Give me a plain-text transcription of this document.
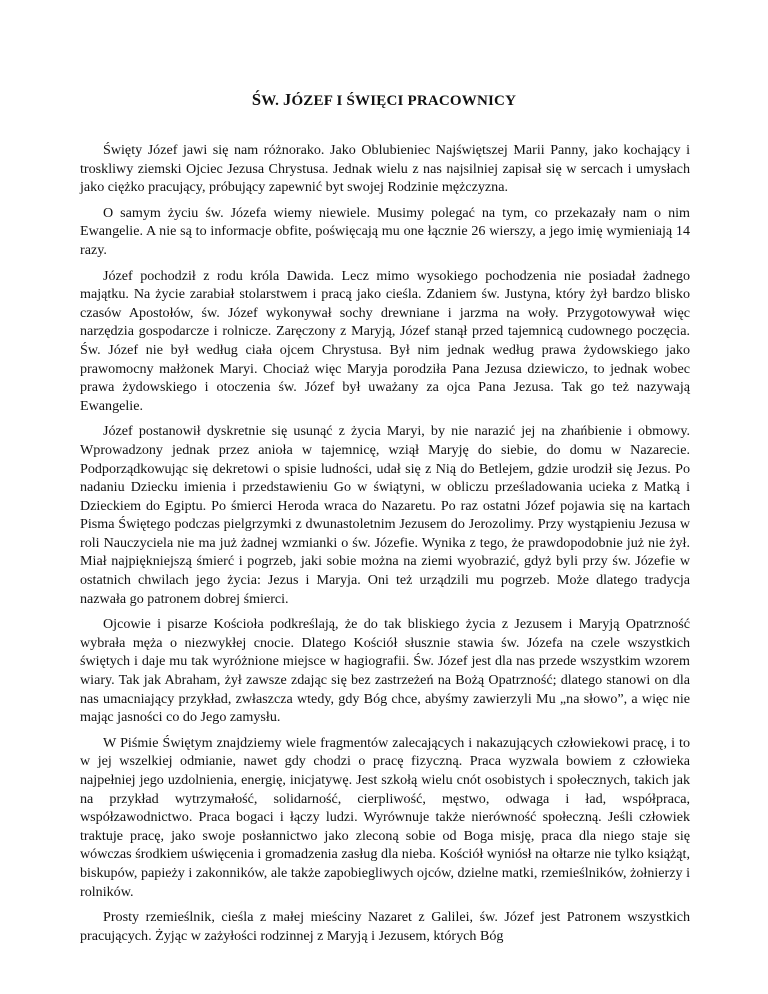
ŚW. JÓZEF I ŚWIĘCI PRACOWNICY

Święty Józef jawi się nam różnorako. Jako Oblubieniec Najświętszej Marii Panny, jako kochający i troskliwy ziemski Ojciec Jezusa Chrystusa. Jednak wielu z nas najsilniej zapisał się w sercach i umysłach jako ciężko pracujący, próbujący zapewnić byt swojej Rodzinie mężczyzna.

O samym życiu św. Józefa wiemy niewiele. Musimy polegać na tym, co przekazały nam o nim Ewangelie. A nie są to informacje obfite, poświęcają mu one łącznie 26 wierszy, a jego imię wymieniają 14 razy.

Józef pochodził z rodu króla Dawida. Lecz mimo wysokiego pochodzenia nie posiadał żadnego majątku. Na życie zarabiał stolarstwem i pracą jako cieśla. Zdaniem św. Justyna, który żył bardzo blisko czasów Apostołów, św. Józef wykonywał sochy drewniane i jarzma na woły. Przygotowywał więc narzędzia gospodarcze i rolnicze. Zaręczony z Maryją, Józef stanął przed tajemnicą cudownego poczęcia. Św. Józef nie był według ciała ojcem Chrystusa. Był nim jednak według prawa żydowskiego jako prawomocny małżonek Maryi. Chociaż więc Maryja porodziła Pana Jezusa dziewiczo, to jednak wobec prawa żydowskiego i otoczenia św. Józef był uważany za ojca Pana Jezusa. Tak go też nazywają Ewangelie.

Józef postanowił dyskretnie się usunąć z życia Maryi, by nie narazić jej na zhańbienie i obmowy. Wprowadzony jednak przez anioła w tajemnicę, wziął Maryję do siebie, do domu w Nazarecie. Podporządkowując się dekretowi o spisie ludności, udał się z Nią do Betlejem, gdzie urodził się Jezus. Po nadaniu Dziecku imienia i przedstawieniu Go w świątyni, w obliczu prześladowania ucieka z Matką i Dzieckiem do Egiptu. Po śmierci Heroda wraca do Nazaretu. Po raz ostatni Józef pojawia się na kartach Pisma Świętego podczas pielgrzymki z dwunastoletnim Jezusem do Jerozolimy. Przy wystąpieniu Jezusa w roli Nauczyciela nie ma już żadnej wzmianki o św. Józefie. Wynika z tego, że prawdopodobnie już nie żył. Miał najpiękniejszą śmierć i pogrzeb, jaki sobie można na ziemi wyobrazić, gdyż byli przy św. Józefie w ostatnich chwilach jego życia: Jezus i Maryja. Oni też urządzili mu pogrzeb. Może dlatego tradycja nazwała go patronem dobrej śmierci.

Ojcowie i pisarze Kościoła podkreślają, że do tak bliskiego życia z Jezusem i Maryją Opatrzność wybrała męża o niezwykłej cnocie. Dlatego Kościół słusznie stawia św. Józefa na czele wszystkich świętych i daje mu tak wyróżnione miejsce w hagiografii. Św. Józef jest dla nas przede wszystkim wzorem wiary. Tak jak Abraham, żył zawsze zdając się bez zastrzeżeń na Bożą Opatrzność; dlatego stanowi on dla nas umacniający przykład, zwłaszcza wtedy, gdy Bóg chce, abyśmy zawierzyli Mu „na słowo”, a więc nie mając jasności co do Jego zamysłu.

W Piśmie Świętym znajdziemy wiele fragmentów zalecających i nakazujących człowiekowi pracę, i to w jej wszelkiej odmianie, nawet gdy chodzi o pracę fizyczną. Praca wyzwala bowiem z człowieka najpełniej jego uzdolnienia, energię, inicjatywę. Jest szkołą wielu cnót osobistych i społecznych, takich jak na przykład wytrzymałość, solidarność, cierpliwość, męstwo, odwaga i ład, współpraca, współzawodnictwo. Praca bogaci i łączy ludzi. Wyrównuje także nierówność społeczną. Jeśli człowiek traktuje pracę, jako swoje posłannictwo jako zleconą sobie od Boga misję, praca dla niego staje się wówczas środkiem uświęcenia i gromadzenia zasług dla nieba. Kościół wyniósł na ołtarze nie tylko książąt, biskupów, papieży i zakonników, ale także zapobiegliwych ojców, dzielne matki, rzemieślników, żołnierzy i rolników.

Prosty rzemieślnik, cieśla z małej mieściny Nazaret z Galilei, św. Józef jest Patronem wszystkich pracujących. Żyjąc w zażyłości rodzinnej z Maryją i Jezusem, których Bóg
